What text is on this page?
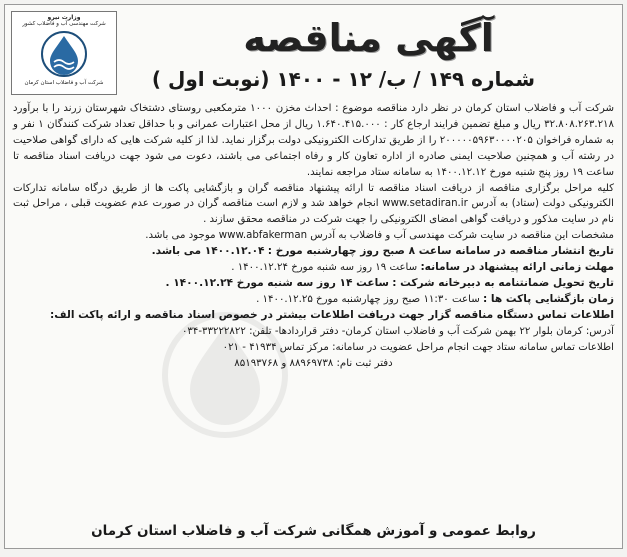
وزارت نیرو
شرکت مهندسی آب و فاضلاب کشور
شرکت آب و فاضلاب استان کرمان
آگهی مناقصه
شماره ۱۴۹ / ب/ ۱۲ - ۱۴۰۰ (نوبت اول )

شرکت آب و فاضلاب استان کرمان در نظر دارد مناقصه موضوع : احداث مخزن ۱۰۰۰ مترمکعبی روستای دشتخاک شهرستان زرند را با برآورد ۳۲.۸۰۸.۲۶۳.۲۱۸ ریال و مبلغ تضمین فرایند ارجاع کار : ۱.۶۴۰.۴۱۵.۰۰۰ ریال از محل اعتبارات عمرانی و با حداقل تعداد شرکت کنندگان ۱ نفر و به شماره فراخوان ۲۰۰۰۰۰۵۹۶۳۰۰۰۰۲۰۵ را از طریق تدارکات الکترونیکی دولت برگزار نماید. لذا از کلیه شرکت هایی که دارای گواهی صلاحیت در رشته آب و همچنین صلاحیت ایمنی صادره از اداره تعاون کار و رفاه اجتماعی می باشند، دعوت می شود جهت دریافت اسناد مناقصه تا ساعت ۱۹ روز پنج شنبه مورخ ۱۴۰۰.۱۲.۱۲ به سامانه ستاد مراجعه نمایند.

کلیه مراحل برگزاری مناقصه از دریافت اسناد مناقصه تا ارائه پیشنهاد مناقصه گران و بازگشایی پاکت ها از طریق درگاه سامانه تدارکات الکترونیکی دولت (ستاد) به آدرس www.setadiran.ir انجام خواهد شد و لازم است مناقصه گران در صورت عدم عضویت قبلی ، مراحل ثبت نام در سایت مذکور و دریافت گواهی امضای الکترونیکی را جهت شرکت در مناقصه محقق سازند .

مشخصات این مناقصه در سایت شرکت مهندسی آب و فاضلاب به آدرس www.abfakerman موجود می باشد.

تاریخ انتشار مناقصه در سامانه ساعت ۸ صبح روز چهارشنبه مورخ : ۱۴۰۰.۱۲.۰۴ می باشد.

مهلت زمانی ارائه پیشنهاد در سامانه: ساعت ۱۹ روز سه شنبه مورخ ۱۴۰۰.۱۲.۲۴ .

تاریخ تحویل ضمانتنامه به دبیرخانه شرکت : ساعت ۱۴ روز سه شنبه مورخ ۱۴۰۰.۱۲.۲۴ .

زمان بازگشایی پاکت ها : ساعت ۱۱:۳۰ صبح روز چهارشنبه مورخ ۱۴۰۰.۱۲.۲۵ .

اطلاعات تماس دستگاه مناقصه گزار جهت دریافت اطلاعات بیشتر در خصوص اسناد مناقصه و ارائه پاکت الف:

آدرس: کرمان بلوار ۲۲ بهمن شرکت آب و فاضلاب استان کرمان- دفتر قراردادها- تلفن: ۳۳۲۲۲۸۲۲-۰۳۴

اطلاعات تماس سامانه ستاد جهت انجام مراحل عضویت در سامانه: مرکز تماس ۴۱۹۳۴ - ۰۲۱

دفتر ثبت نام: ۸۸۹۶۹۷۳۸ و ۸۵۱۹۳۷۶۸

روابط عمومی و آموزش همگانی شرکت آب و فاضلاب استان کرمان
